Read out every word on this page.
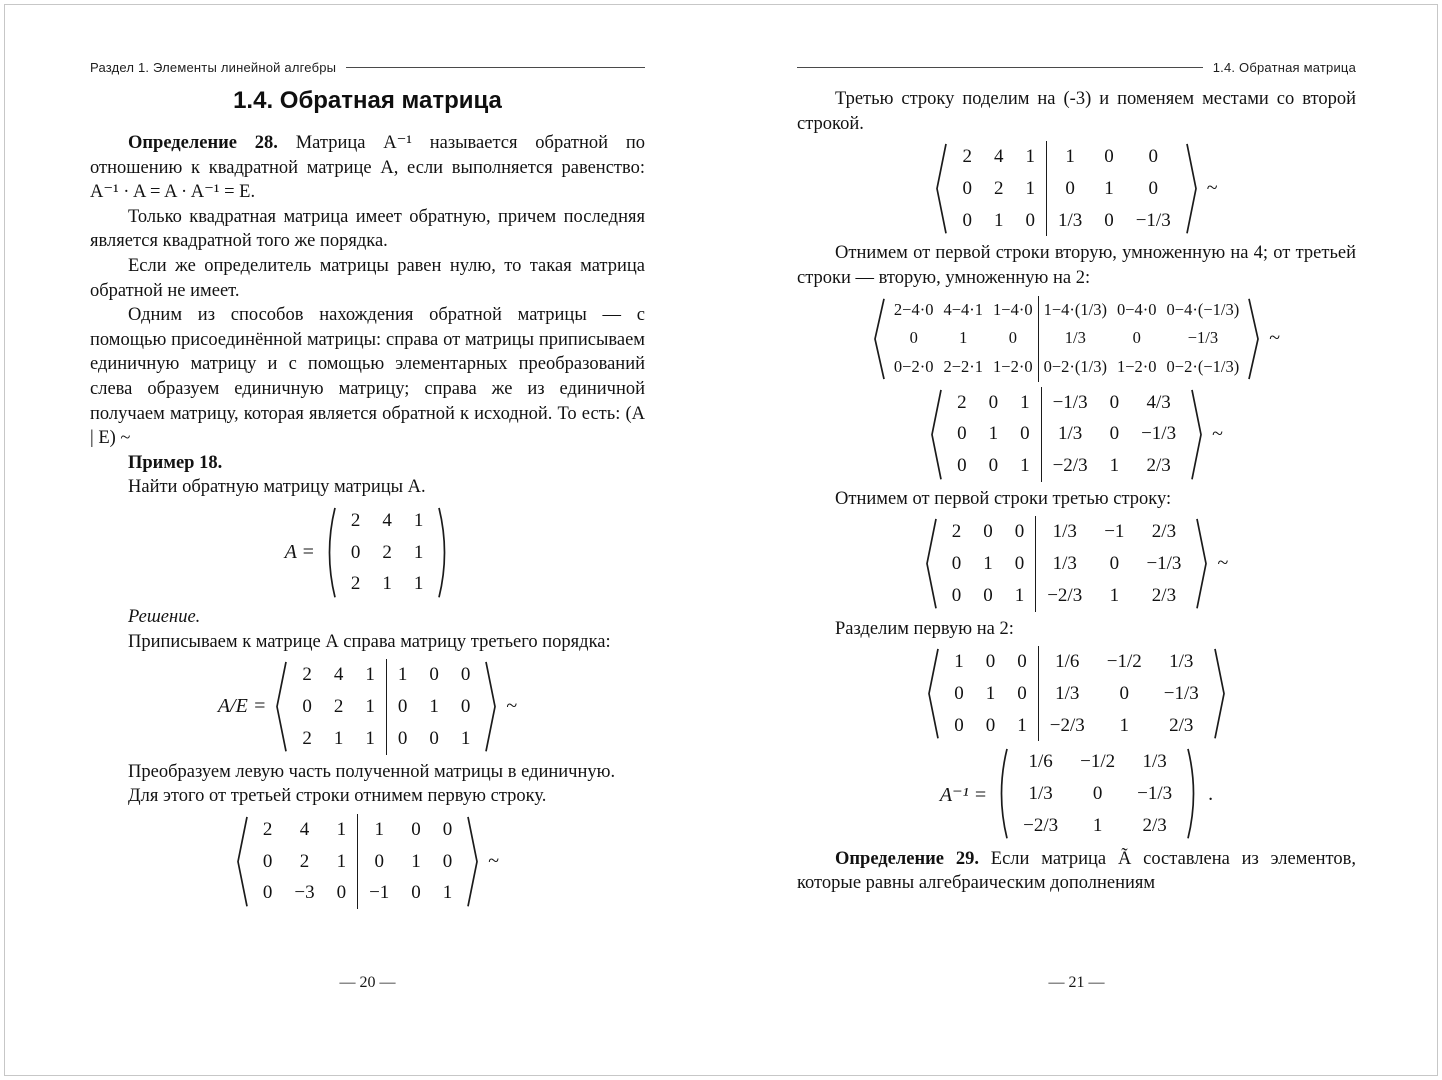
Раздел 1. Элементы линейной алгебры
1.4. Обратная матрица

Определение 28. Матрица A⁻¹ называется обратной по отношению к квадратной матрице A, если выполняется равенство: A⁻¹ · A = A · A⁻¹ = E.

Только квадратная матрица имеет обратную, причем последняя является квадратной того же порядка.

Если же определитель матрицы равен нулю, то такая матрица обратной не имеет.

Одним из способов нахождения обратной матрицы — с помощью присоединённой матрицы: справа от матрицы приписываем единичную матрицу и с помощью элементарных преобразований слева образуем единичную матрицу; справа же из единичной получаем матрицу, которая является обратной к исходной. То есть: (A | E) ~

Пример 18.

Найти обратную матрицу матрицы A.

A =
2	4	1
0	2	1
2	1	1

Решение.

Приписываем к матрице А справа матрицу третьего порядка:

A/E =
2	4	1	1	0	0
0	2	1	0	1	0
2	1	1	0	0	1
~

Преобразуем левую часть полученной матрицы в единичную.

Для этого от третьей строки отнимем первую строку.

2	4	1	1	0	0
0	2	1	0	1	0
0	−3	0	−1	0	1
~
— 20 —
1.4. Обратная матрица

Третью строку поделим на (-3) и поменяем местами со второй строкой.

2	4	1	1	0	0
0	2	1	0	1	0
0	1	0	1/3	0	−1/3
~

Отнимем от первой строки вторую, умноженную на 4; от третьей строки — вторую, умноженную на 2:

2−4·0	4−4·1	1−4·0	1−4·(1/3)	0−4·0	0−4·(−1/3)
0	1	0	1/3	0	−1/3
0−2·0	2−2·1	1−2·0	0−2·(1/3)	1−2·0	0−2·(−1/3)
~
2	0	1	−1/3	0	4/3
0	1	0	1/3	0	−1/3
0	0	1	−2/3	1	2/3
~

Отнимем от первой строки третью строку:

2	0	0	1/3	−1	2/3
0	1	0	1/3	0	−1/3
0	0	1	−2/3	1	2/3
~

Разделим первую на 2:

1	0	0	1/6	−1/2	1/3
0	1	0	1/3	0	−1/3
0	0	1	−2/3	1	2/3
A⁻¹ =
1/6	−1/2	1/3
1/3	0	−1/3
−2/3	1	2/3
.

Определение 29. Если матрица Ã составлена из элементов, которые равны алгебраическим дополнениям

— 21 —
